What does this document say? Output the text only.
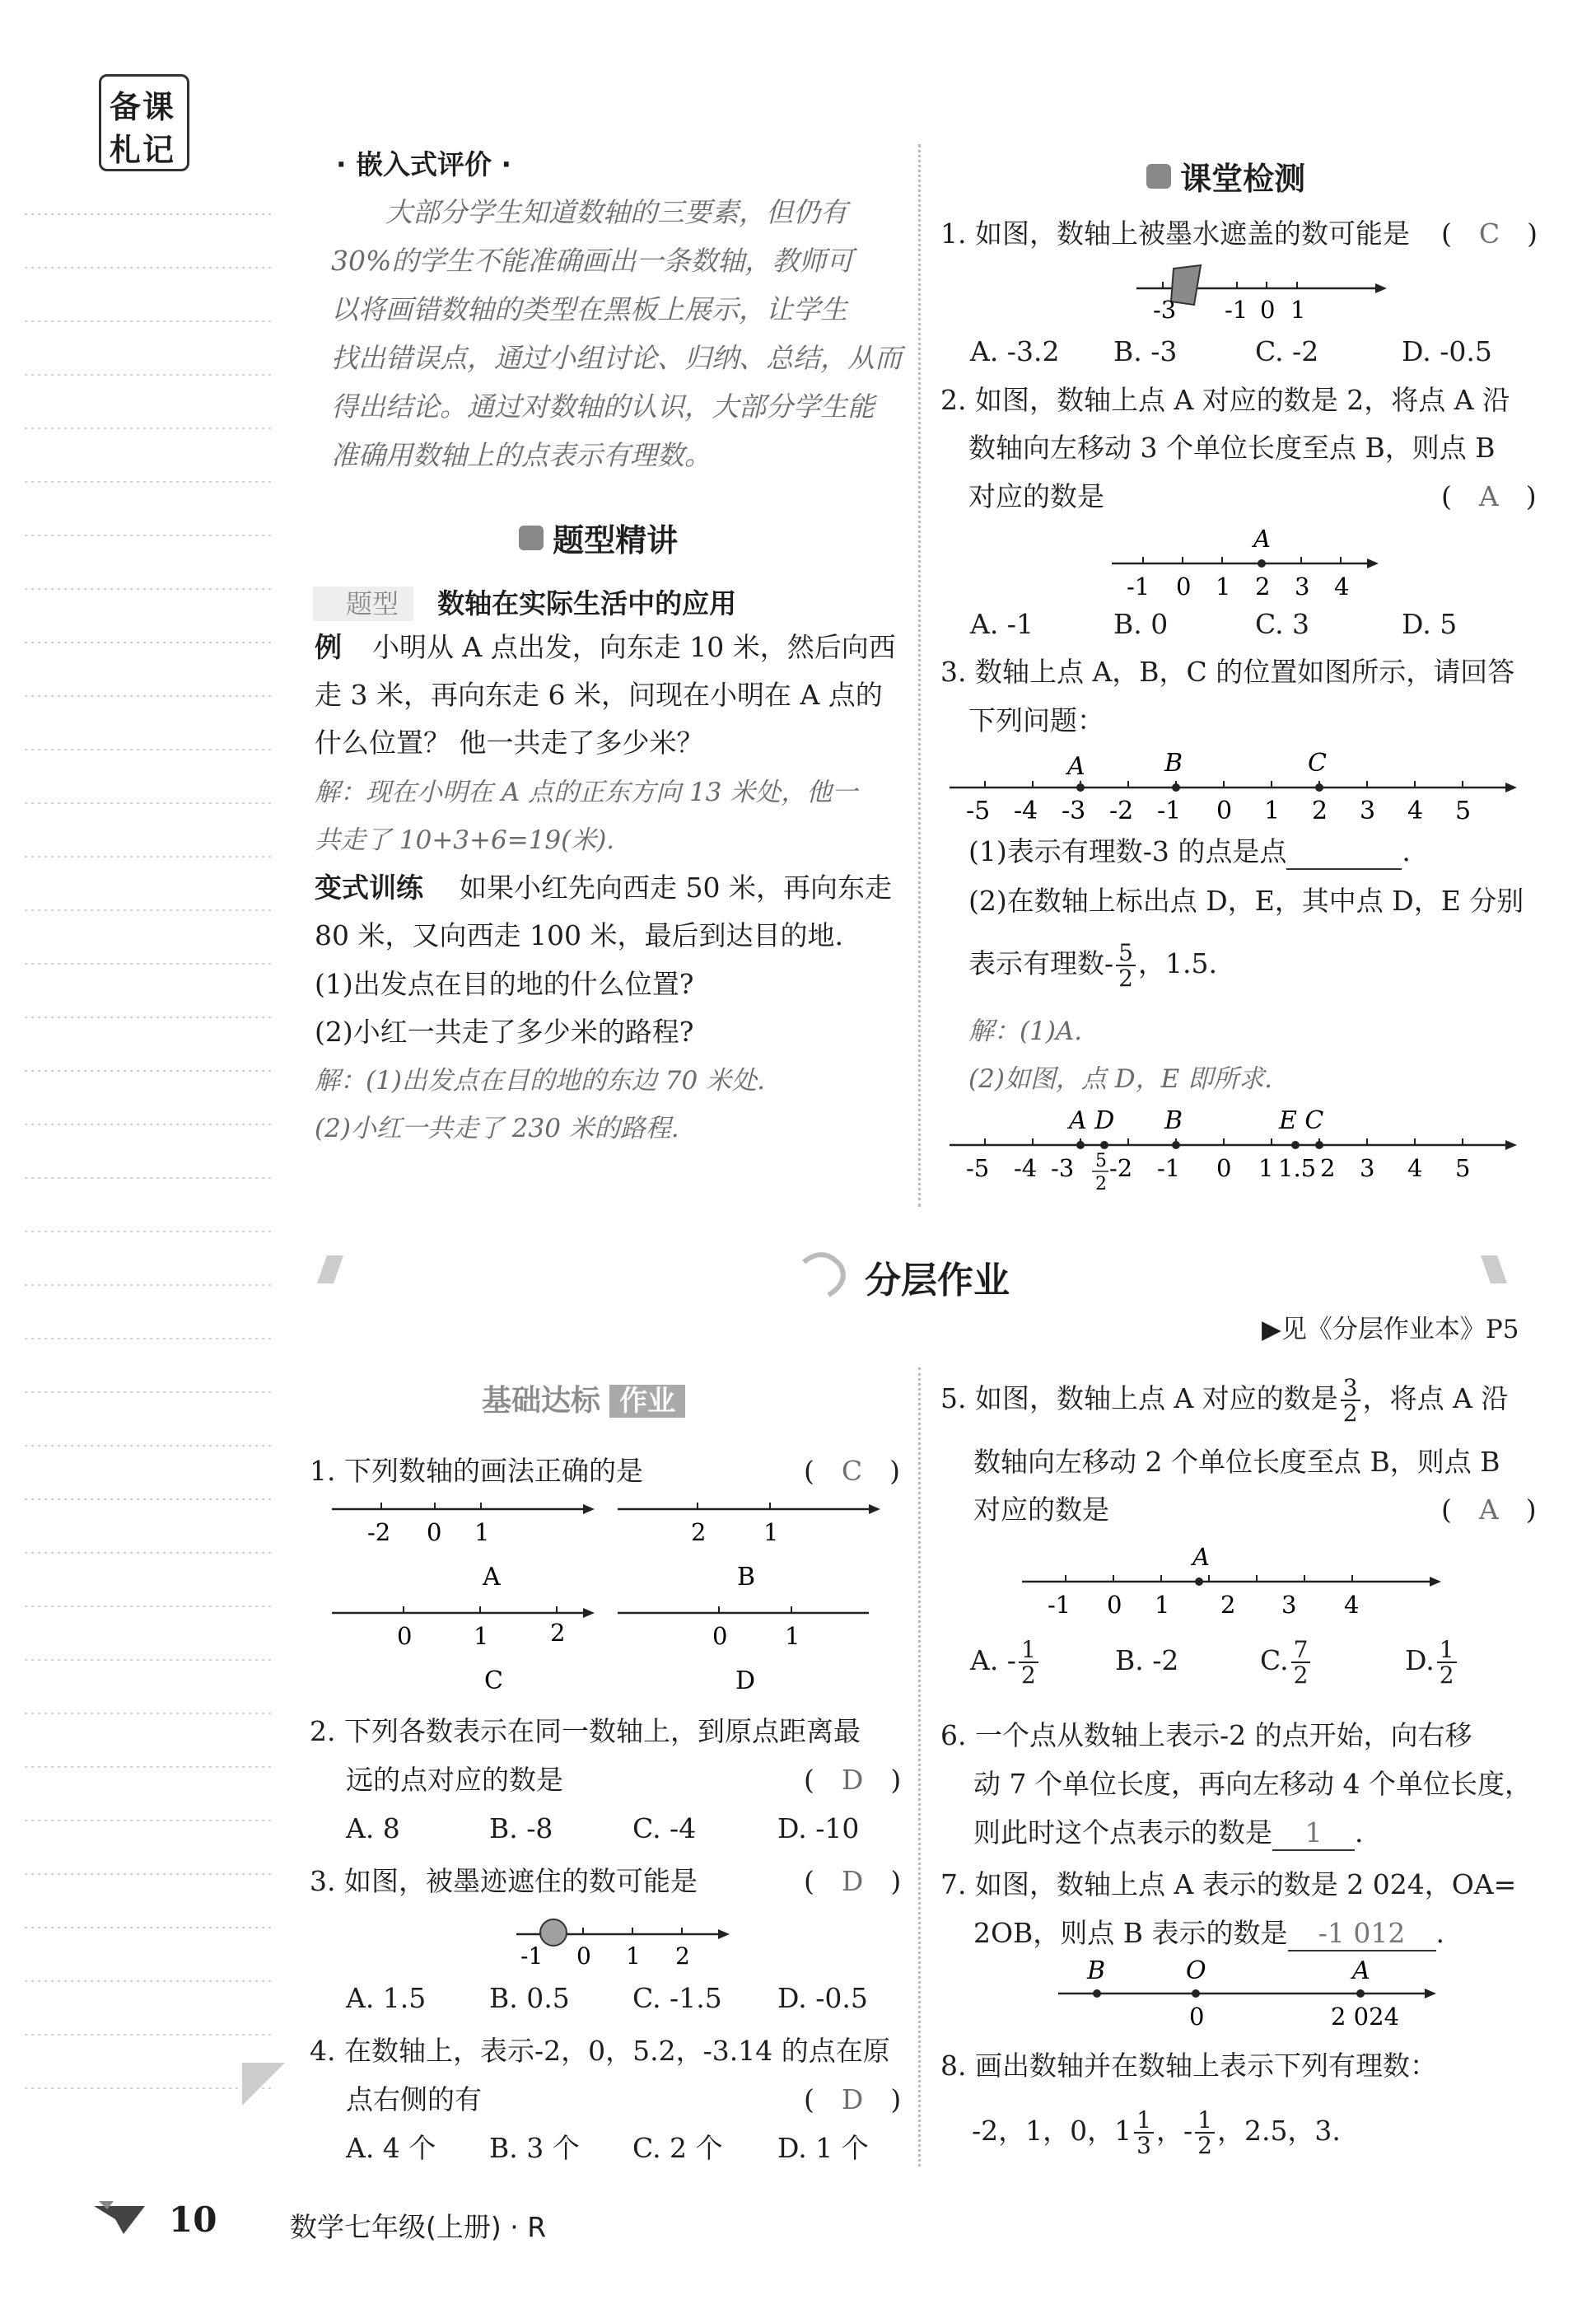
备课
札记	· 嵌入式评价 ·
大部分学生知道数轴的三要素，但仍有
30%的学生不能准确画出一条数轴，教师可
以将画错数轴的类型在黑板上展示，让学生
找出错误点，通过小组讨论、归纳、总结，从而
得出结论。通过对数轴的认识，大部分学生能
准确用数轴上的点表示有理数。
题型精讲
题型 数轴在实际生活中的应用
例 小明从 A 点出发，向东走 10 米，然后向西
走 3 米，再向东走 6 米，问现在小明在 A 点的
什么位置？ 他一共走了多少米？
解：现在小明在 A 点的正东方向 13 米处，他一
共走了 10+3+6=19(米).
变式训练 如果小红先向西走 50 米，再向东走
80 米，又向西走 100 米，最后到达目的地.
(1)出发点在目的地的什么位置?
(2)小红一共走了多少米的路程?
解：(1)出发点在目的地的东边 70 米处.
(2)小红一共走了 230 米的路程.
课堂检测
1. 如图，数轴上被墨水遮盖的数可能是 (　C　)
-3 -1 0 1
A. -3.2 B. -3	C. -2	D. -0.5
2. 如图，数轴上点 A 对应的数是 2，将点 A 沿
数轴向左移动 3 个单位长度至点 B，则点 B
对应的数是	(　A　)
A
-1 0 1 2 3 4
A. -1	B. 0	C. 3	D. 5
3. 数轴上点 A，B，C 的位置如图所示，请回答
下列问题：
A	B	C
-5 -4 -3 -2 -1 0 1 2 3 4 5
(1)表示有理数-3 的点是点	.
(2)在数轴上标出点 D，E，其中点 D，E 分别
表示有理数- $\frac{5}{2}$ ，1.5.
解：(1)A.
(2)如图，点 D，E 即所求.
A D B	E C
-5 -4 -3 5
2
-2 -1 0 1 1.5 2 3 4 5
分层作业
▶见《分层作业本》P5
基础达标 作业
1. 下列数轴的画法正确的是	(　C　)
-2 0 1
A
2 1
B
0	1	2
C
0 1
D
2. 下列各数表示在同一数轴上，到原点距离最
远的点对应的数是	(　D　)
A. 8	B. -8	C. -4	D. -10
3. 如图，被墨迹遮住的数可能是	(　D　)
-1 0 1 2
A. 1.5 B. 0.5 C. -1.5 D. -0.5
4. 在数轴上，表示-2，0，5.2，-3.14 的点在原
点右侧的有	(　D　)
A. 4 个 B. 3 个 C. 2 个 D. 1 个
5. 如图，数轴上点 A 对应的数是 $\frac{3}{2}$ ，将点 A 沿
数轴向左移动 2 个单位长度至点 B，则点 B
对应的数是	(　A　)
A
-1 0 1 2 3 4
A. - $\frac{1}{2}$	B. -2	C. $\frac{7}{2}$	D. $\frac{1}{2}$
6. 一个点从数轴上表示-2 的点开始，向右移
动 7 个单位长度，再向左移动 4 个单位长度，
则此时这个点表示的数是 1 .
7. 如图，数轴上点 A 表示的数是 2 024，OA=
2OB，则点 B 表示的数是 -1 012 .
B	O	A
0	2 024
8. 画出数轴并在数轴上表示下列有理数：
-2，1，0，$1 \frac{1}{3}$ ，- $\frac{1}{2}$ ，2.5，3.
10	数学七年级(上册) · R
